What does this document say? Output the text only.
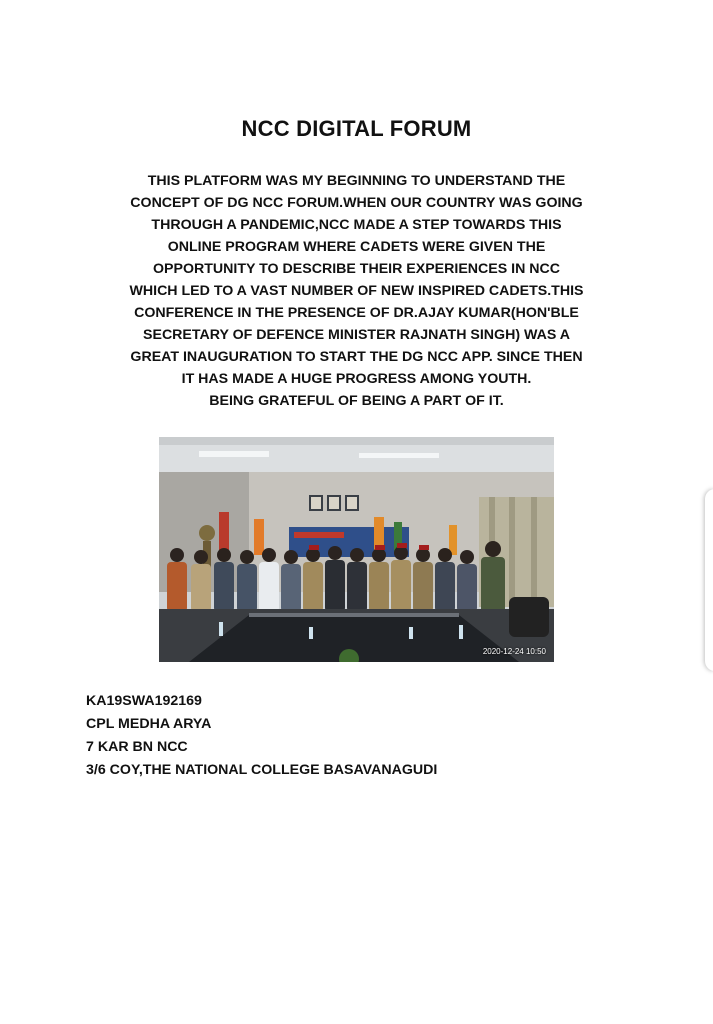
NCC DIGITAL FORUM
THIS PLATFORM WAS MY BEGINNING TO UNDERSTAND THE
CONCEPT OF DG NCC FORUM.WHEN OUR COUNTRY WAS GOING
THROUGH A PANDEMIC,NCC MADE A STEP TOWARDS THIS
ONLINE PROGRAM WHERE CADETS WERE GIVEN THE
OPPORTUNITY TO DESCRIBE THEIR EXPERIENCES IN NCC
WHICH LED TO A VAST NUMBER OF NEW INSPIRED CADETS.THIS
CONFERENCE IN THE PRESENCE OF DR.AJAY KUMAR(HON'BLE
SECRETARY OF DEFENCE MINISTER RAJNATH SINGH) WAS A
GREAT INAUGURATION TO START THE DG NCC APP. SINCE THEN
IT HAS MADE A HUGE PROGRESS AMONG YOUTH.
BEING GRATEFUL OF BEING A PART OF IT.
2020-12-24 10:50
KA19SWA192169
CPL MEDHA ARYA
7 KAR BN NCC
3/6 COY,THE NATIONAL COLLEGE BASAVANAGUDI
